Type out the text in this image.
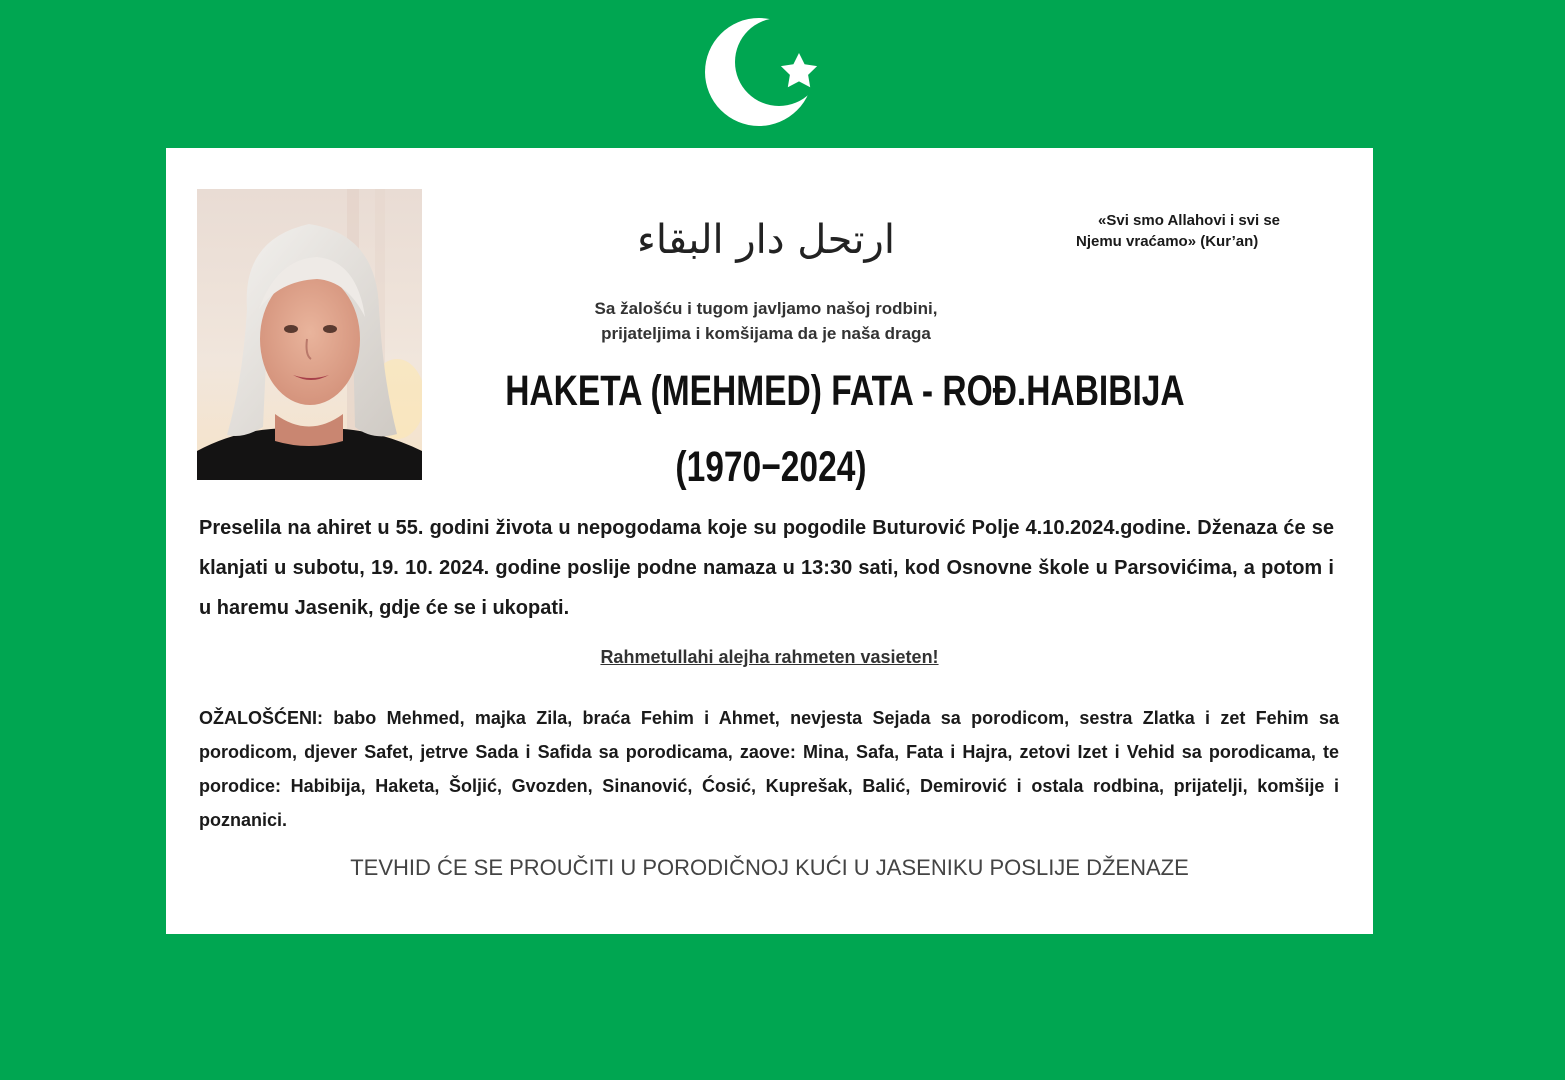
ارتحل دار البقاء	«Svi smo Allahovi i svi se
Njemu vraćamo» (Kur’an)

Sa žalošću i tugom javljamo našoj rodbini,
prijateljima i komšijama da je naša draga

HAKETA (MEHMED) FATA - ROĐ.HABIBIJA

(1970−2024)

Preselila na ahiret u 55. godini života u nepogodama koje su pogodile Buturović Polje 4.10.2024.godine. Dženaza će se klanjati u subotu, 19. 10. 2024. godine poslije podne namaza u 13:30 sati, kod Osnovne škole u Parsovićima, a potom i u haremu Jasenik, gdje će se i ukopati.

Rahmetullahi alejha rahmeten vasieten!

OŽALOŠĆENI: babo Mehmed, majka Zila, braća Fehim i Ahmet, nevjesta Sejada sa porodicom, sestra Zlatka i zet Fehim sa porodicom, djever Safet, jetrve Sada i Safida sa porodicama, zaove: Mina, Safa, Fata i Hajra, zetovi Izet i Vehid sa porodicama, te porodice: Habibija, Haketa, Šoljić, Gvozden, Sinanović, Ćosić, Kuprešak, Balić, Demirović i ostala rodbina, prijatelji, komšije i poznanici.

TEVHID ĆE SE PROUČITI U PORODIČNOJ KUĆI U JASENIKU POSLIJE DŽENAZE
